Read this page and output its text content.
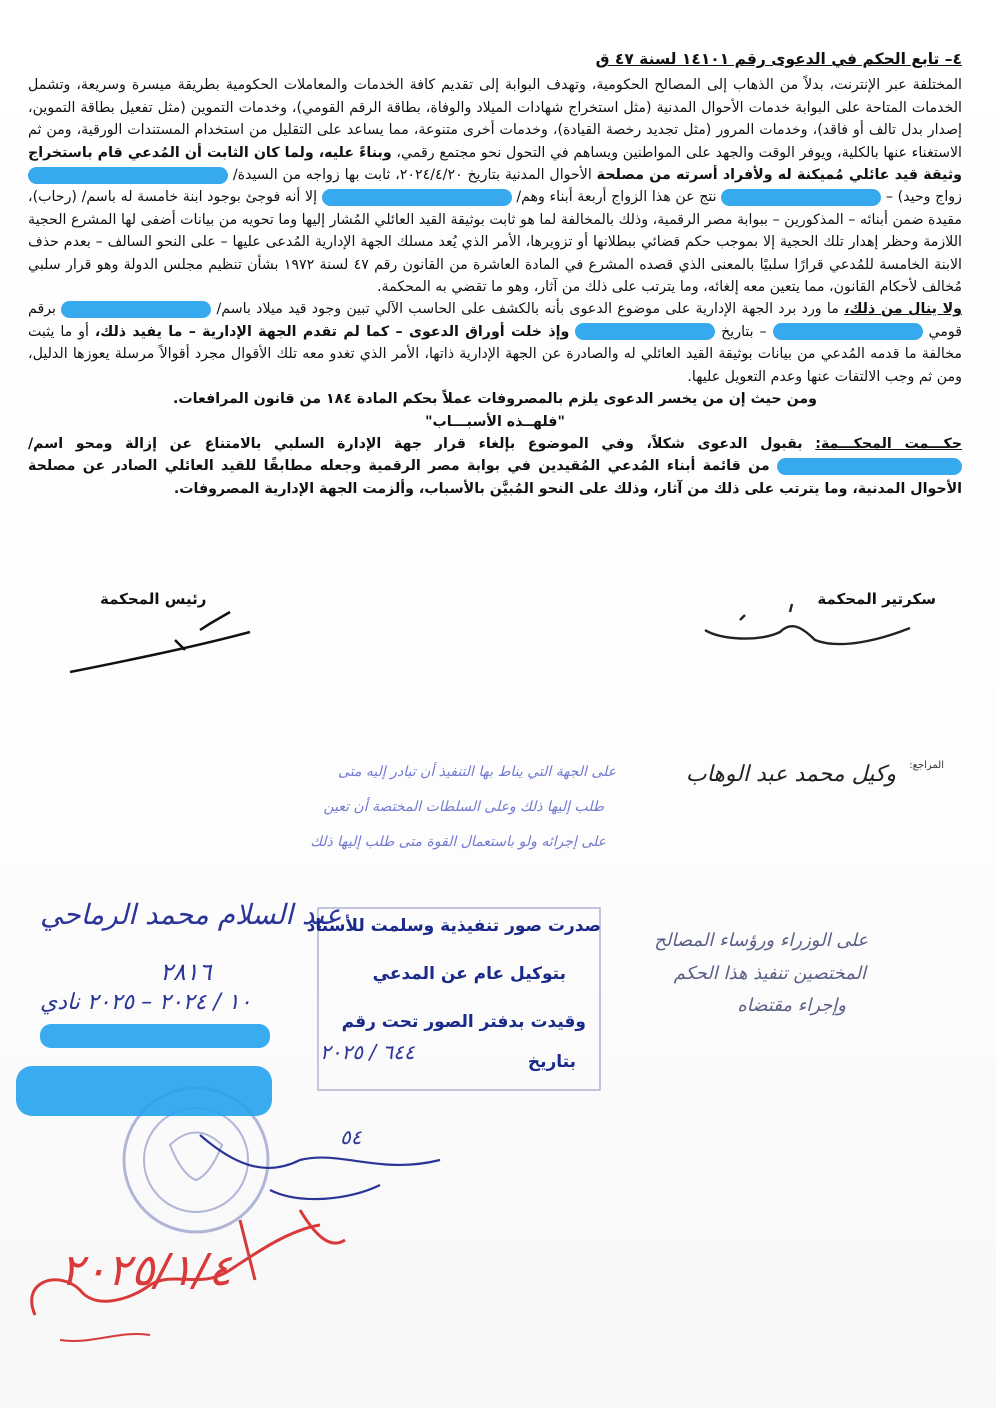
٤– تابع الحكم في الدعوى رقم ١٤١٠١ لسنة ٤٧ ق

المختلفة عبر الإنترنت، بدلاً من الذهاب إلى المصالح الحكومية، وتهدف البوابة إلى تقديم كافة الخدمات والمعاملات الحكومية بطريقة ميسرة وسريعة، وتشمل الخدمات المتاحة على البوابة خدمات الأحوال المدنية (مثل استخراج شهادات الميلاد والوفاة، بطاقة الرقم القومي)، وخدمات التموين (مثل تفعيل بطاقة التموين، إصدار بدل تالف أو فاقد)، وخدمات المرور (مثل تجديد رخصة القيادة)، وخدمات أخرى متنوعة، مما يساعد على التقليل من استخدام المستندات الورقية، ومن ثم الاستغناء عنها بالكلية، ويوفر الوقت والجهد على المواطنين ويساهم في التحول نحو مجتمع رقمي، وبناءً عليه، ولما كان الثابت أن المُدعي قام باستخراج وثيقة قيد عائلي مُميكنة له ولأفراد أسرته من مصلحة الأحوال المدنية بتاريخ ٢٠٢٤/٤/٢٠، ثابت بها زواجه من السيدة/  زواج وحيد) –  نتج عن هذا الزواج أربعة أبناء وهم/  إلا أنه فوجئ بوجود ابنة خامسة له باسم/ (رحاب)، مقيدة ضمن أبنائه – المذكورين – ببوابة مصر الرقمية، وذلك بالمخالفة لما هو ثابت بوثيقة القيد العائلي المُشار إليها وما تحويه من بيانات أضفى لها المشرع الحجية اللازمة وحظر إهدار تلك الحجية إلا بموجب حكم قضائي ببطلانها أو تزويرها، الأمر الذي يُعد مسلك الجهة الإدارية المُدعى عليها – على النحو السالف – بعدم حذف الابنة الخامسة للمُدعي قرارًا سلبيًا بالمعنى الذي قصده المشرع في المادة العاشرة من القانون رقم ٤٧ لسنة ١٩٧٢ بشأن تنظيم مجلس الدولة وهو قرار سلبي مُخالف لأحكام القانون، مما يتعين معه إلغائه، وما يترتب على ذلك من آثار، وهو ما تقضي به المحكمة.

ولا ينال من ذلك، ما ورد برد الجهة الإدارية على موضوع الدعوى بأنه بالكشف على الحاسب الآلي تبين وجود قيد ميلاد باسم/  برقم قومي  – بتاريخ  وإذ خلت أوراق الدعوى – كما لم تقدم الجهة الإدارية – ما يفيد ذلك، أو ما يثبت مخالفة ما قدمه المُدعي من بيانات بوثيقة القيد العائلي له والصادرة عن الجهة الإدارية ذاتها، الأمر الذي تغدو معه تلك الأقوال مجرد أقوالاً مرسلة يعوزها الدليل، ومن ثم وجب الالتفات عنها وعدم التعويل عليها.

ومن حيث إن من يخسر الدعوى يلزم بالمصروفات عملاً بحكم المادة ١٨٤ من قانون المرافعات.

"فلهــذه الأسبـــاب"

حكـــمت المحكـــمة: بقبول الدعوى شكلاً، وفي الموضوع بإلغاء قرار جهة الإدارة السلبي بالامتناع عن إزالة ومحو اسم/  من قائمة أبناء المُدعي المُقيدين في بوابة مصر الرقمية وجعله مطابقًا للقيد العائلي الصادر عن مصلحة الأحوال المدنية، وما يترتب على ذلك من آثار، وذلك على النحو المُبيَّن بالأسباب، وألزمت الجهة الإدارية المصروفات.

سكرتير المحكمة
رئيس المحكمة
المراجع:
وكيل محمد عبد الوهاب
على الجهة التي يناط بها التنفيذ أن تبادر إليه متى
طلب إليها ذلك وعلى السلطات المختصة أن تعين
على إجرائه ولو باستعمال القوة متى طلب إليها ذلك
عبد السلام محمد الرماحي
٢٨١٦
١٠ / ٢٠٢٤ – ٢٠٢٥ نادي
صدرت صور تنفيذية وسلمت للأستاذ
بتوكيل عام عن المدعي
وقيدت بدفتر الصور تحت رقم
بتاريخ
٦٤٤ / ٢٠٢٥
على الوزراء ورؤساء المصالح
المختصين تنفيذ هذا الحكم
وإجراء مقتضاه
٥٤
٢٠٢٥/١/٤
